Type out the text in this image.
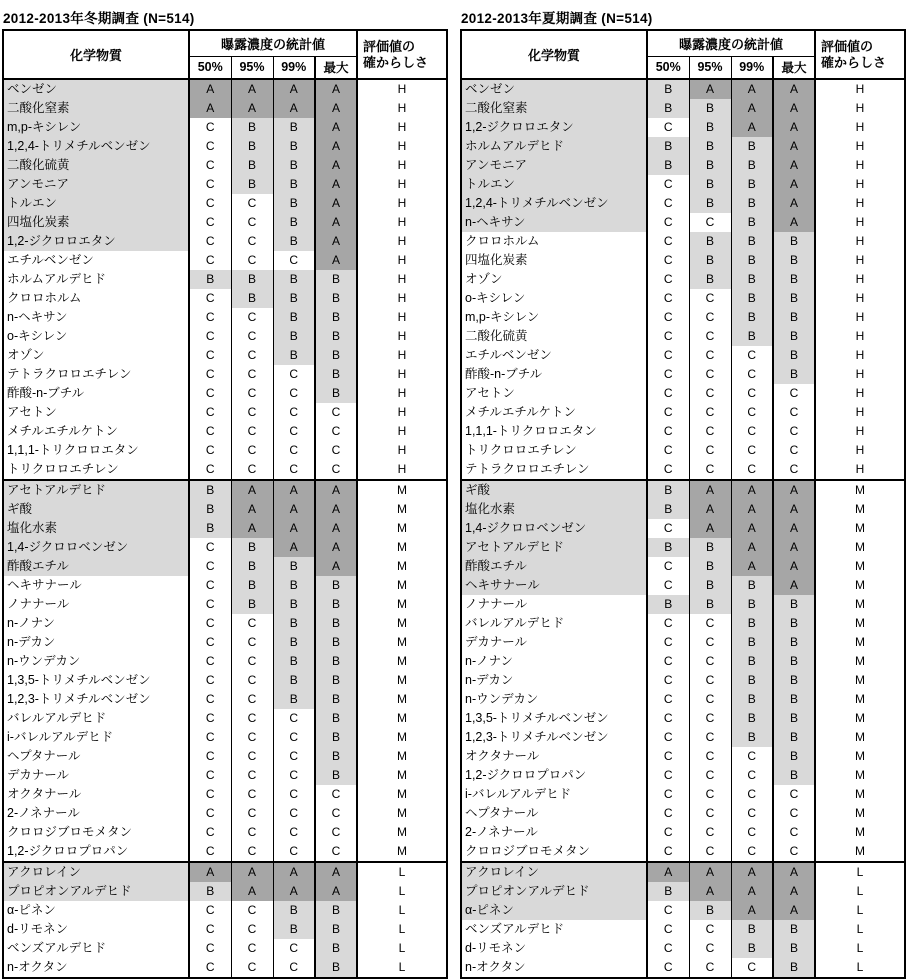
2012-2013年冬期調査 (N=514)
化学物質	曝露濃度の統計値				評価値の
確からしさ
	50%	95%	99%	最大	
ベンゼン	A	A	A	A	H
二酸化窒素	A	A	A	A	H
m,p-キシレン	C	B	B	A	H
1,2,4-トリメチルベンゼン	C	B	B	A	H
二酸化硫黄	C	B	B	A	H
アンモニア	C	B	B	A	H
トルエン	C	C	B	A	H
四塩化炭素	C	C	B	A	H
1,2-ジクロロエタン	C	C	B	A	H
エチルベンゼン	C	C	C	A	H
ホルムアルデヒド	B	B	B	B	H
クロロホルム	C	B	B	B	H
n-ヘキサン	C	C	B	B	H
o-キシレン	C	C	B	B	H
オゾン	C	C	B	B	H
テトラクロロエチレン	C	C	C	B	H
酢酸-n-ブチル	C	C	C	B	H
アセトン	C	C	C	C	H
メチルエチルケトン	C	C	C	C	H
1,1,1-トリクロロエタン	C	C	C	C	H
トリクロロエチレン	C	C	C	C	H
アセトアルデヒド	B	A	A	A	M
ギ酸	B	A	A	A	M
塩化水素	B	A	A	A	M
1,4-ジクロロベンゼン	C	B	A	A	M
酢酸エチル	C	B	B	A	M
ヘキサナール	C	B	B	B	M
ノナナール	C	B	B	B	M
n-ノナン	C	C	B	B	M
n-デカン	C	C	B	B	M
n-ウンデカン	C	C	B	B	M
1,3,5-トリメチルベンゼン	C	C	B	B	M
1,2,3-トリメチルベンゼン	C	C	B	B	M
バレルアルデヒド	C	C	C	B	M
i-バレルアルデヒド	C	C	C	B	M
ヘプタナール	C	C	C	B	M
デカナール	C	C	C	B	M
オクタナール	C	C	C	C	M
2-ノネナール	C	C	C	C	M
クロロジブロモメタン	C	C	C	C	M
1,2-ジクロロプロパン	C	C	C	C	M
アクロレイン	A	A	A	A	L
プロピオンアルデヒド	B	A	A	A	L
α-ピネン	C	C	B	B	L
d-リモネン	C	C	B	B	L
ベンズアルデヒド	C	C	C	B	L
n-オクタン	C	C	C	B	L
2012-2013年夏期調査 (N=514)
化学物質	曝露濃度の統計値				評価値の
確からしさ
	50%	95%	99%	最大	
ベンゼン	B	A	A	A	H
二酸化窒素	B	B	A	A	H
1,2-ジクロロエタン	C	B	A	A	H
ホルムアルデヒド	B	B	B	A	H
アンモニア	B	B	B	A	H
トルエン	C	B	B	A	H
1,2,4-トリメチルベンゼン	C	B	B	A	H
n-ヘキサン	C	C	B	A	H
クロロホルム	C	B	B	B	H
四塩化炭素	C	B	B	B	H
オゾン	C	B	B	B	H
o-キシレン	C	C	B	B	H
m,p-キシレン	C	C	B	B	H
二酸化硫黄	C	C	B	B	H
エチルベンゼン	C	C	C	B	H
酢酸-n-ブチル	C	C	C	B	H
アセトン	C	C	C	C	H
メチルエチルケトン	C	C	C	C	H
1,1,1-トリクロロエタン	C	C	C	C	H
トリクロロエチレン	C	C	C	C	H
テトラクロロエチレン	C	C	C	C	H
ギ酸	B	A	A	A	M
塩化水素	B	A	A	A	M
1,4-ジクロロベンゼン	C	A	A	A	M
アセトアルデヒド	B	B	A	A	M
酢酸エチル	C	B	A	A	M
ヘキサナール	C	B	B	A	M
ノナナール	B	B	B	B	M
バレルアルデヒド	C	C	B	B	M
デカナール	C	C	B	B	M
n-ノナン	C	C	B	B	M
n-デカン	C	C	B	B	M
n-ウンデカン	C	C	B	B	M
1,3,5-トリメチルベンゼン	C	C	B	B	M
1,2,3-トリメチルベンゼン	C	C	B	B	M
オクタナール	C	C	C	B	M
1,2-ジクロロプロパン	C	C	C	B	M
i-バレルアルデヒド	C	C	C	C	M
ヘプタナール	C	C	C	C	M
2-ノネナール	C	C	C	C	M
クロロジブロモメタン	C	C	C	C	M
アクロレイン	A	A	A	A	L
プロピオンアルデヒド	B	A	A	A	L
α-ピネン	C	B	A	A	L
ベンズアルデヒド	C	C	B	B	L
d-リモネン	C	C	B	B	L
n-オクタン	C	C	C	B	L
